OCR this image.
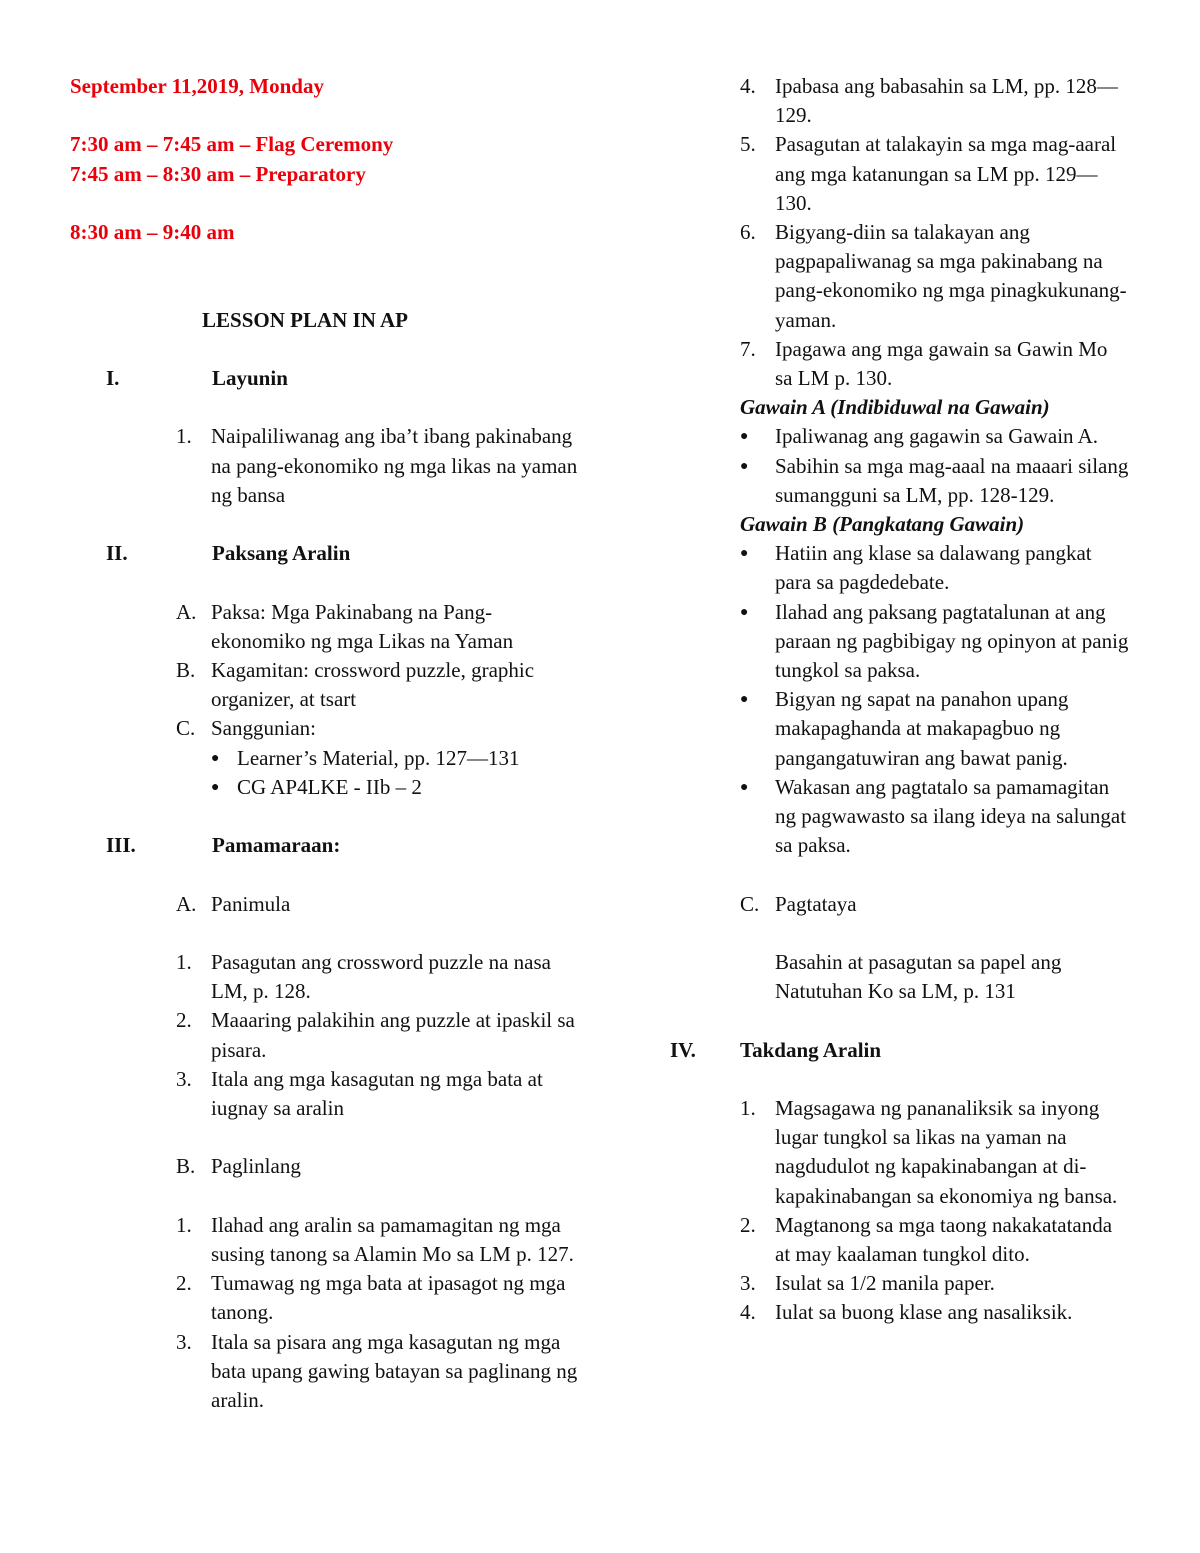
September 11,2019, Monday
7:30 am – 7:45 am – Flag Ceremony
7:45 am – 8:30 am – Preparatory
8:30 am – 9:40 am
LESSON PLAN IN AP
I.	Layunin
1. Naipaliliwanag ang iba’t ibang pakinabang na pang-ekonomiko ng mga likas na yaman ng bansa
II.	Paksang Aralin
A. Paksa: Mga Pakinabang na Pang-ekonomiko ng mga Likas na Yaman
B. Kagamitan: crossword puzzle, graphic organizer, at tsart
C. Sanggunian:
● Learner’s Material, pp. 127—131
● CG AP4LKE - IIb – 2
III.	Pamamaraan:
A. Panimula
1. Pasagutan ang crossword puzzle na nasa LM, p. 128.
2. Maaaring palakihin ang puzzle at ipaskil sa pisara.
3. Itala ang mga kasagutan ng mga bata at iugnay sa aralin
B. Paglinlang
1. Ilahad ang aralin sa pamamagitan ng mga susing tanong sa Alamin Mo sa LM p. 127.
2. Tumawag ng mga bata at ipasagot ng mga tanong.
3. Itala sa pisara ang mga kasagutan ng mga bata upang gawing batayan sa paglinang ng aralin.
4. Ipabasa ang babasahin sa LM, pp. 128—129.
5. Pasagutan at talakayin sa mga mag-aaral ang mga katanungan sa LM pp. 129—130.
6. Bigyang-diin sa talakayan ang pagpapaliwanag sa mga pakinabang na pang-ekonomiko ng mga pinagkukunang-yaman.
7. Ipagawa ang mga gawain sa Gawin Mo sa LM p. 130.
Gawain A (Indibiduwal na Gawain)
●	Ipaliwanag ang gagawin sa Gawain A.
●	Sabihin sa mga mag-aaal na maaari silang sumangguni sa LM, pp. 128-129.
Gawain B (Pangkatang Gawain)
●	Hatiin ang klase sa dalawang pangkat para sa pagdedebate.
●	Ilahad ang paksang pagtatalunan at ang paraan ng pagbibigay ng opinyon at panig tungkol sa paksa.
●	Bigyan ng sapat na panahon upang makapaghanda at makapagbuo ng pangangatuwiran ang bawat panig.
●	Wakasan ang pagtatalo sa pamamagitan ng pagwawasto sa ilang ideya na salungat sa paksa.
C. Pagtataya
Basahin at pasagutan sa papel ang Natutuhan Ko sa LM, p. 131
IV.	Takdang Aralin
1. Magsagawa ng pananaliksik sa inyong lugar tungkol sa likas na yaman na nagdudulot ng kapakinabangan at di-kapakinabangan sa ekonomiya ng bansa.
2. Magtanong sa mga taong nakakatatanda at may kaalaman tungkol dito.
3. Isulat sa 1/2 manila paper.
4. Iulat sa buong klase ang nasaliksik.
